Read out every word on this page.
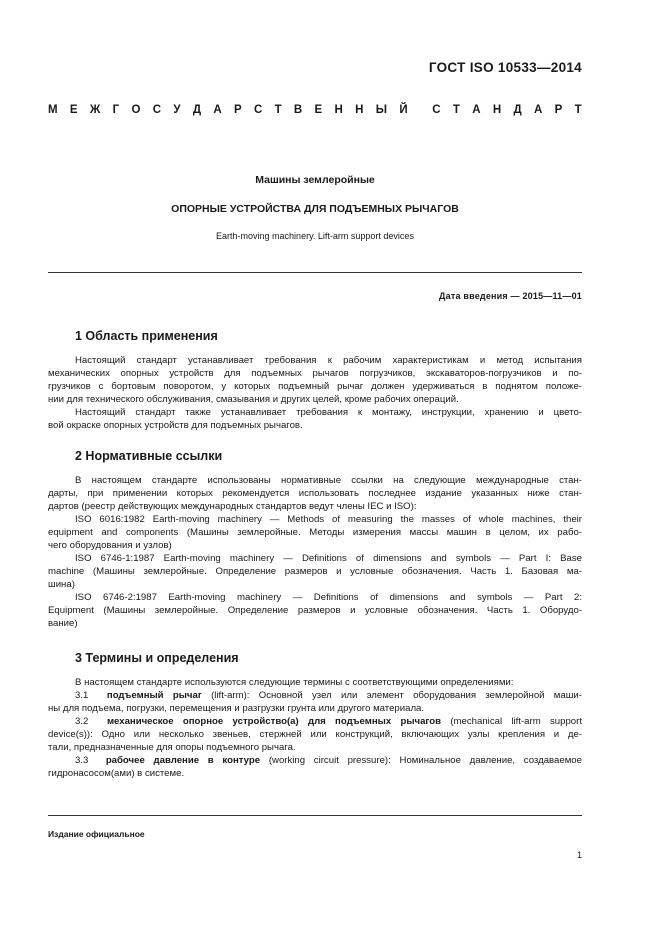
ГОСТ ISO 10533—2014
М Е Ж Г О С У Д А Р С Т В Е Н Н Ы Й С Т А Н Д А Р Т
Машины землеройные
ОПОРНЫЕ УСТРОЙСТВА ДЛЯ ПОДЪЕМНЫХ РЫЧАГОВ
Earth-moving machinery. Lift-arm support devices
Дата введения — 2015—11—01
1 Область применения
Настоящий стандарт устанавливает требования к рабочим характеристикам и метод испытания
механических опорных устройств для подъемных рычагов погрузчиков, экскаваторов-погрузчиков и по-
грузчиков с бортовым поворотом, у которых подъемный рычаг должен удерживаться в поднятом положе-
нии для технического обслуживания, смазывания и других целей, кроме рабочих операций.
Настоящий стандарт также устанавливает требования к монтажу, инструкции, хранению и цвето-
вой окраске опорных устройств для подъемных рычагов.
2 Нормативные ссылки
В настоящем стандарте использованы нормативные ссылки на следующие международные стан-
дарты, при применении которых рекомендуется использовать последнее издание указанных ниже стан-
дартов (реестр действующих международных стандартов ведут члены IEC и ISO):
ISO 6016:1982 Earth-moving machinery — Methods of measuring the masses of whole machines, their
equipment and components (Машины землеройные. Методы измерения массы машин в целом, их рабо-
чего оборудования и узлов)
ISO 6746-1:1987 Earth-moving machinery — Definitions of dimensions and symbols — Part I: Base
machine (Машины землеройные. Определение размеров и условные обозначения. Часть 1. Базовая ма-
шина)
ISO 6746-2:1987 Earth-moving machinery — Definitions of dimensions and symbols — Part 2:
Equipment (Машины землеройные. Определение размеров и условные обозначения. Часть 1. Оборудо-
вание)
3 Термины и определения
В настоящем стандарте используются следующие термины с соответствующими определениями:
3.1 подъемный рычаг (lift-arm): Основной узел или элемент оборудования землеройной маши-
ны для подъема, погрузки, перемещения и разгрузки грунта или другого материала.
3.2 механическое опорное устройство(а) для подъемных рычагов (mechanical lift-arm support
device(s)): Одно или несколько звеньев, стержней или конструкций, включающих узлы крепления и де-
тали, предназначенные для опоры подъемного рычага.
3.3 рабочее давление в контуре (working circuit pressure): Номинальное давление, создаваемое
гидронасосом(ами) в системе.
Издание официальное
1
